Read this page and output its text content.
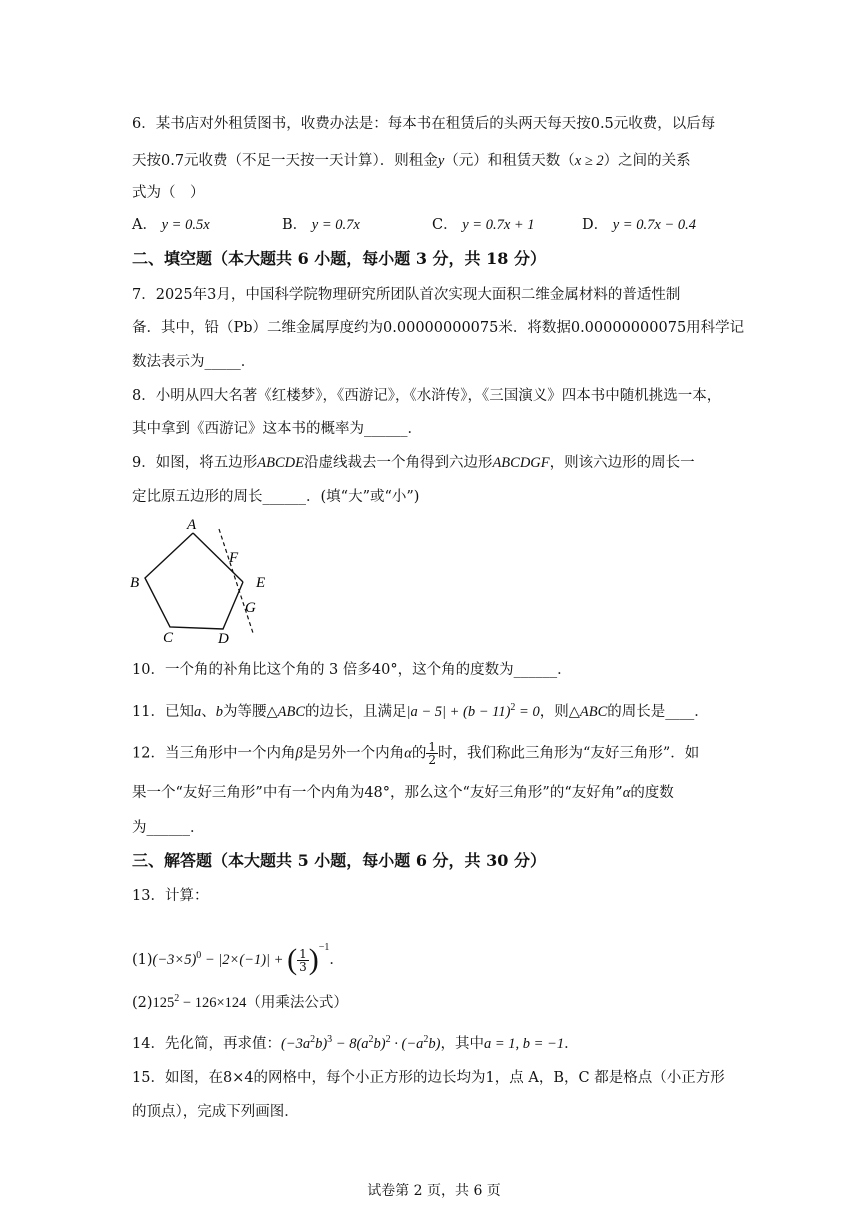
6．某书店对外租赁图书，收费办法是：每本书在租赁后的头两天每天按0.5元收费，以后每
天按0.7元收费（不足一天按一天计算）．则租金y（元）和租赁天数（x ≥ 2）之间的关系
式为（　）
A． y = 0.5x	B． y = 0.7x	C． y = 0.7x + 1	D． y = 0.7x − 0.4
二、填空题（本大题共 6 小题，每小题 3 分，共 18 分）
7．2025年3月，中国科学院物理研究所团队首次实现大面积二维金属材料的普适性制
备．其中，铅（Pb）二维金属厚度约为0.00000000075米．将数据0.00000000075用科学记
数法表示为_____．
8．小明从四大名著《红楼梦》，《西游记》，《水浒传》，《三国演义》四本书中随机挑选一本，
其中拿到《西游记》这本书的概率为______．
9．如图，将五边形ABCDE沿虚线裁去一个角得到六边形ABCDGF，则该六边形的周长一
定比原五边形的周长______．(填“大”或“小”)
A
B
C	D
E
F
G
10．一个角的补角比这个角的 3 倍多40°，这个角的度数为______．
11．已知a、b为等腰△ABC的边长，且满足$|a - 5| + (b - 11)^2 = 0$，则△ABC的周长是____．
12．当三角形中一个内角β是另外一个内角α的 $\frac{1}{2}$ 时，我们称此三角形为“友好三角形”．如
果一个“友好三角形”中有一个内角为48°，那么这个“友好三角形”的“友好角”α的度数
为______．
三、解答题（本大题共 5 小题，每小题 6 分，共 30 分）
13．计算：
$(1)(-3\times 5)^0 - |2\times(-1)|$ + ( $\frac{1}{3} )^{-1}$．
$(2)125^2 - 126\times 124$（用乘法公式）
14．先化简，再求值：$(-3a^2b)^3 - 8(a^2b)^2 \cdot (-a^2b)$，其中a = 1, b = −1．
15．如图，在8×4的网格中，每个小正方形的边长均为1，点 A，B，C 都是格点（小正方形
的顶点），完成下列画图．
试卷第 2 页，共 6 页
